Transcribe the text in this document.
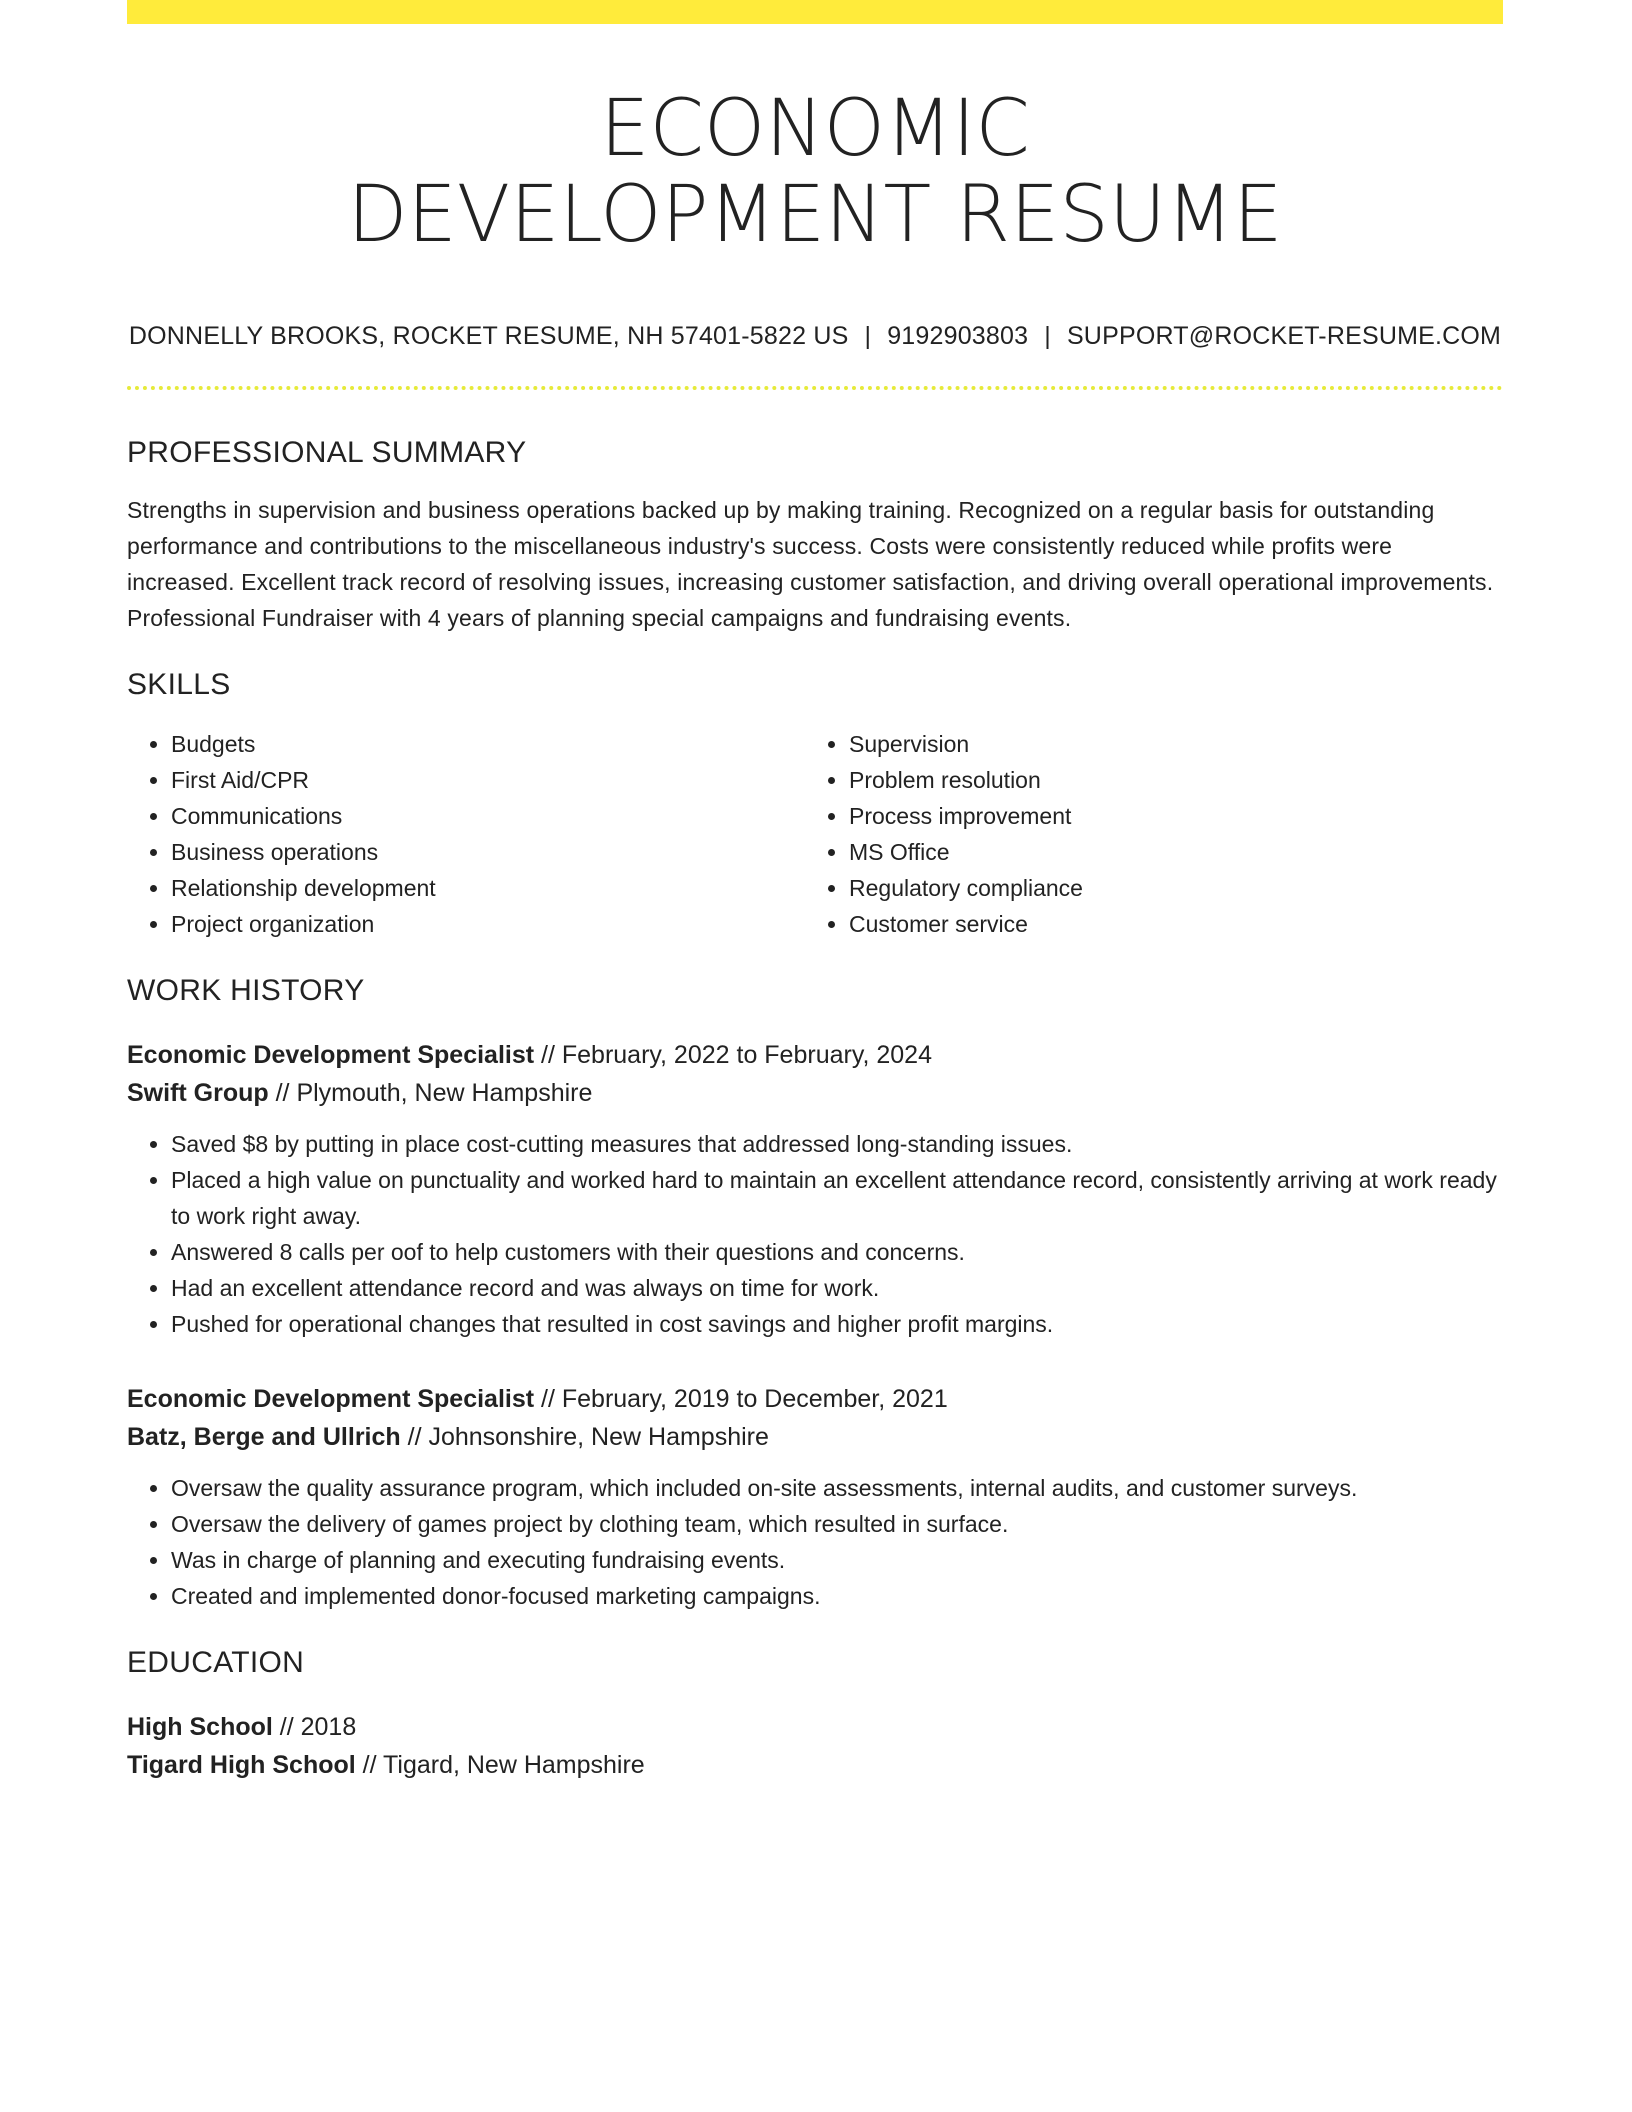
ECONOMIC
DEVELOPMENT RESUME
DONNELLY BROOKS, ROCKET RESUME, NH 57401-5822 US | 9192903803 | SUPPORT@ROCKET-RESUME.COM
PROFESSIONAL SUMMARY

Strengths in supervision and business operations backed up by making training. Recognized on a regular basis for outstanding performance and contributions to the miscellaneous industry's success. Costs were consistently reduced while profits were increased. Excellent track record of resolving issues, increasing customer satisfaction, and driving overall operational improvements. Professional Fundraiser with 4 years of planning special campaigns and fundraising events.

SKILLS
• Budgets
• First Aid/CPR
• Communications
• Business operations
• Relationship development
• Project organization
• Supervision
• Problem resolution
• Process improvement
• MS Office
• Regulatory compliance
• Customer service
WORK HISTORY
Economic Development Specialist // February, 2022 to February, 2024
Swift Group // Plymouth, New Hampshire
• Saved $8 by putting in place cost-cutting measures that addressed long-standing issues.
• Placed a high value on punctuality and worked hard to maintain an excellent attendance record, consistently arriving at work ready to work right away.
• Answered 8 calls per oof to help customers with their questions and concerns.
• Had an excellent attendance record and was always on time for work.
• Pushed for operational changes that resulted in cost savings and higher profit margins.
Economic Development Specialist // February, 2019 to December, 2021
Batz, Berge and Ullrich // Johnsonshire, New Hampshire
• Oversaw the quality assurance program, which included on-site assessments, internal audits, and customer surveys.
• Oversaw the delivery of games project by clothing team, which resulted in surface.
• Was in charge of planning and executing fundraising events.
• Created and implemented donor-focused marketing campaigns.
EDUCATION
High School // 2018
Tigard High School // Tigard, New Hampshire
